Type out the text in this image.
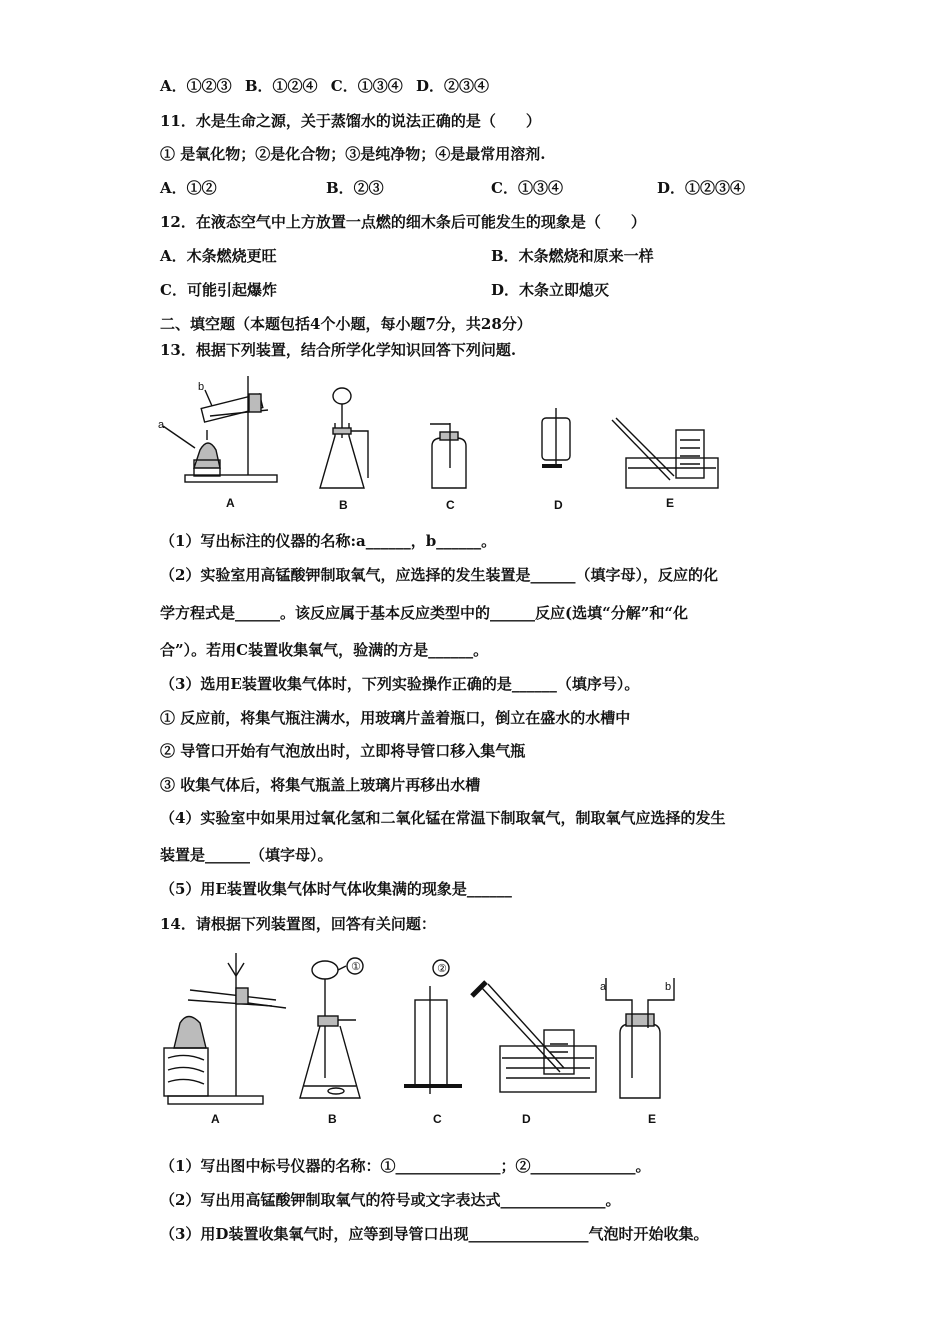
A．①②③ B．①②④ C．①③④ D．②③④
11．水是生命之源，关于蒸馏水的说法正确的是（　　）
① 是氧化物；②是化合物；③是纯净物；④是最常用溶剂.
A．①②	B．②③	C．①③④	D．①②③④
12．在液态空气中上方放置一点燃的细木条后可能发生的现象是（　　）
A．木条燃烧更旺	B．木条燃烧和原来一样
C．可能引起爆炸	D．木条立即熄灭
二、填空题（本题包括4个小题，每小题7分，共28分）
13．根据下列装置，结合所学化学知识回答下列问题.
b
a
A	B	C	D	E
（1）写出标注的仪器的名称:a______，b______。
（2）实验室用高锰酸钾制取氧气，应选择的发生装置是______（填字母），反应的化
学方程式是______。该反应属于基本反应类型中的______反应(选填“分解”和“化
合”）。若用C装置收集氧气，验满的方是______。
（3）选用E装置收集气体时，下列实验操作正确的是______（填序号）。
① 反应前，将集气瓶注满水，用玻璃片盖着瓶口，倒立在盛水的水槽中
② 导管口开始有气泡放出时，立即将导管口移入集气瓶
③ 收集气体后，将集气瓶盖上玻璃片再移出水槽
（4）实验室中如果用过氧化氢和二氧化锰在常温下制取氧气，制取氧气应选择的发生
装置是______（填字母）。
（5）用E装置收集气体时气体收集满的现象是______
14．请根据下列装置图，回答有关问题：
①	②
a	b
A	B	C	D	E
（1）写出图中标号仪器的名称：①______________；②______________。
（2）写出用高锰酸钾制取氧气的符号或文字表达式______________。
（3）用D装置收集氧气时，应等到导管口出现________________气泡时开始收集。
